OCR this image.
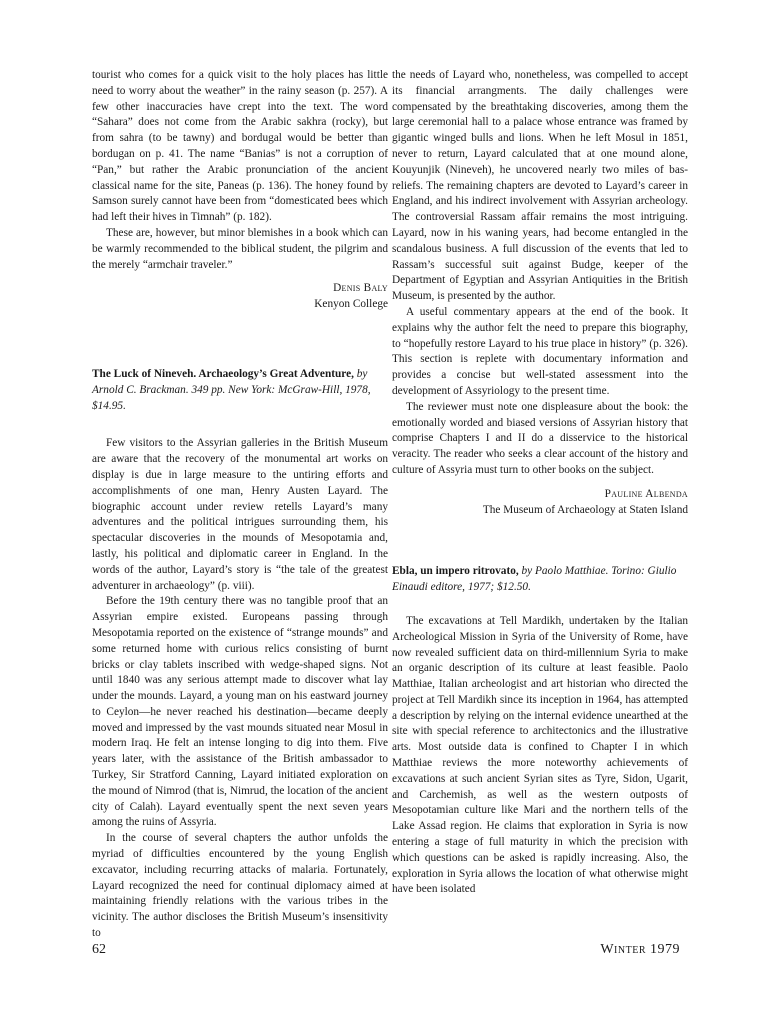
tourist who comes for a quick visit to the holy places has little need to worry about the weather” in the rainy season (p. 257). A few other inaccuracies have crept into the text. The word “Sahara” does not come from the Arabic sakhra (rocky), but from sahra (to be tawny) and bordugal would be better than bordugan on p. 41. The name “Banias” is not a corruption of “Pan,” but rather the Arabic pronunciation of the ancient classical name for the site, Paneas (p. 136). The honey found by Samson surely cannot have been from “domesticated bees which had left their hives in Timnah” (p. 182).

These are, however, but minor blemishes in a book which can be warmly recommended to the biblical student, the pilgrim and the merely “armchair traveler.”

Denis Baly

Kenyon College

The Luck of Nineveh. Archaeology’s Great Adventure, by Arnold C. Brackman. 349 pp. New York: McGraw-Hill, 1978, $14.95.

Few visitors to the Assyrian galleries in the British Museum are aware that the recovery of the monumental art works on display is due in large measure to the untiring efforts and accomplishments of one man, Henry Austen Layard. The biographic account under review retells Layard’s many adventures and the political intrigues surrounding them, his spectacular discoveries in the mounds of Mesopotamia and, lastly, his political and diplomatic career in England. In the words of the author, Layard’s story is “the tale of the greatest adventurer in archaeology” (p. viii).

Before the 19th century there was no tangible proof that an Assyrian empire existed. Europeans passing through Mesopotamia reported on the existence of “strange mounds” and some returned home with curious relics consisting of burnt bricks or clay tablets inscribed with wedge-shaped signs. Not until 1840 was any serious attempt made to discover what lay under the mounds. Layard, a young man on his eastward journey to Ceylon—he never reached his destination—became deeply moved and impressed by the vast mounds situated near Mosul in modern Iraq. He felt an intense longing to dig into them. Five years later, with the assistance of the British ambassador to Turkey, Sir Stratford Canning, Layard initiated exploration on the mound of Nimrod (that is, Nimrud, the location of the ancient city of Calah). Layard eventually spent the next seven years among the ruins of Assyria.

In the course of several chapters the author unfolds the myriad of difficulties encountered by the young English excavator, including recurring attacks of malaria. Fortunately, Layard recognized the need for continual diplomacy aimed at maintaining friendly relations with the various tribes in the vicinity. The author discloses the British Museum’s insensitivity to

the needs of Layard who, nonetheless, was compelled to accept its financial arrangments. The daily challenges were compensated by the breathtaking discoveries, among them the large ceremonial hall to a palace whose entrance was framed by gigantic winged bulls and lions. When he left Mosul in 1851, never to return, Layard calculated that at one mound alone, Kouyunjik (Nineveh), he uncovered nearly two miles of bas-reliefs. The remaining chapters are devoted to Layard’s career in England, and his indirect involvement with Assyrian archeology. The controversial Rassam affair remains the most intriguing. Layard, now in his waning years, had become entangled in the scandalous business. A full discussion of the events that led to Rassam’s successful suit against Budge, keeper of the Department of Egyptian and Assyrian Antiquities in the British Museum, is presented by the author.

A useful commentary appears at the end of the book. It explains why the author felt the need to prepare this biography, to “hopefully restore Layard to his true place in history” (p. 326). This section is replete with documentary information and provides a concise but well-stated assessment into the development of Assyriology to the present time.

The reviewer must note one displeasure about the book: the emotionally worded and biased versions of Assyrian history that comprise Chapters I and II do a disservice to the historical veracity. The reader who seeks a clear account of the history and culture of Assyria must turn to other books on the subject.

Pauline Albenda

The Museum of Archaeology at Staten Island

Ebla, un impero ritrovato, by Paolo Matthiae. Torino: Giulio Einaudi editore, 1977; $12.50.

The excavations at Tell Mardikh, undertaken by the Italian Archeological Mission in Syria of the University of Rome, have now revealed sufficient data on third-millennium Syria to make an organic description of its culture at least feasible. Paolo Matthiae, Italian archeologist and art historian who directed the project at Tell Mardikh since its inception in 1964, has attempted a description by relying on the internal evidence unearthed at the site with special reference to architectonics and the illustrative arts. Most outside data is confined to Chapter I in which Matthiae reviews the more noteworthy achievements of excavations at such ancient Syrian sites as Tyre, Sidon, Ugarit, and Carchemish, as well as the western outposts of Mesopotamian culture like Mari and the northern tells of the Lake Assad region. He claims that exploration in Syria is now entering a stage of full maturity in which the precision with which questions can be asked is rapidly increasing. Also, the exploration in Syria allows the location of what otherwise might have been isolated

62	Winter 1979
